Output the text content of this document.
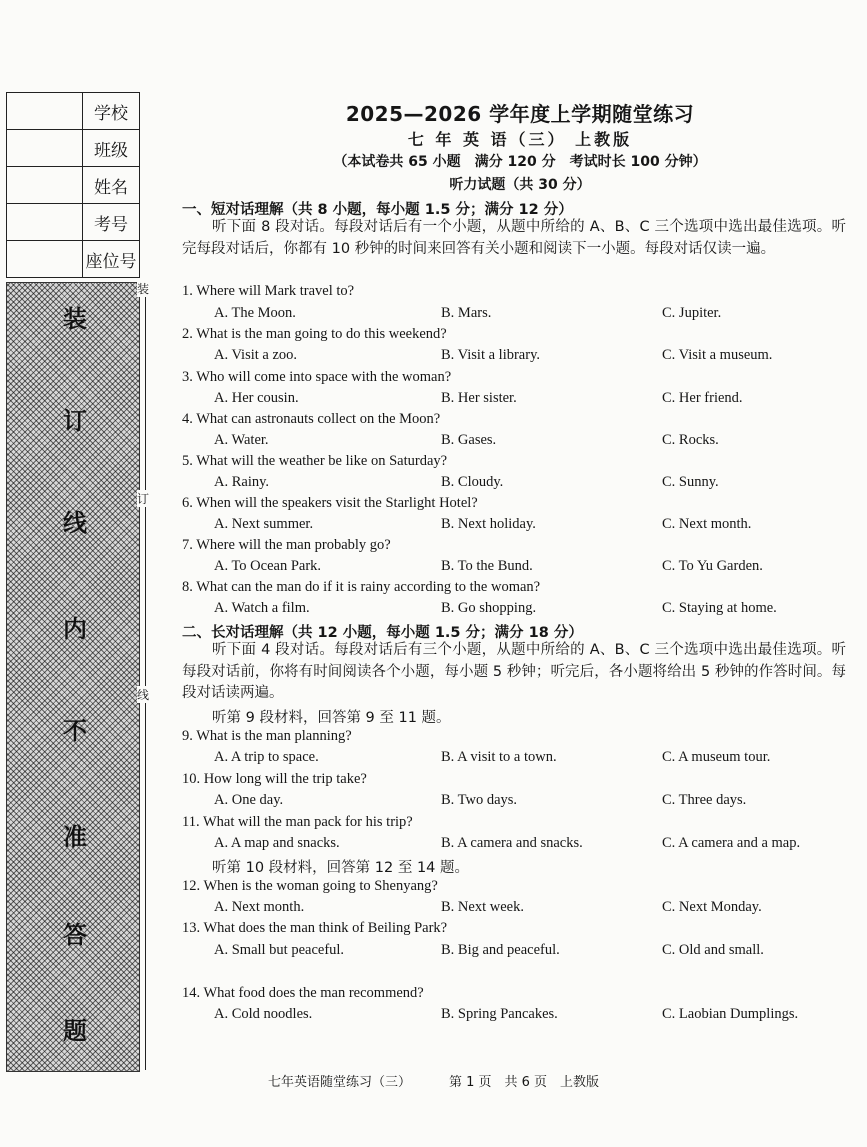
学校
班级
姓名
考号
座位号
装
订
线
内
不
准
答
题
装
订
线
2025—2026 学年度上学期随堂练习
七 年 英 语（三） 上教版
（本试卷共 65 小题　满分 120 分　考试时长 100 分钟）
听力试题（共 30 分）
一、短对话理解（共 8 小题，每小题 1.5 分；满分 12 分）
听下面 8 段对话。每段对话后有一个小题，从题中所给的 A、B、C 三个选项中选出最佳选项。听完每段对话后，你都有 10 秒钟的时间来回答有关小题和阅读下一小题。每段对话仅读一遍。
1. Where will Mark travel to?
A. The Moon.	B. Mars.	C. Jupiter.
2. What is the man going to do this weekend?
A. Visit a zoo.	B. Visit a library.	C. Visit a museum.
3. Who will come into space with the woman?
A. Her cousin.	B. Her sister.	C. Her friend.
4. What can astronauts collect on the Moon?
A. Water.	B. Gases.	C. Rocks.
5. What will the weather be like on Saturday?
A. Rainy.	B. Cloudy.	C. Sunny.
6. When will the speakers visit the Starlight Hotel?
A. Next summer.	B. Next holiday.	C. Next month.
7. Where will the man probably go?
A. To Ocean Park.	B. To the Bund.	C. To Yu Garden.
8. What can the man do if it is rainy according to the woman?
A. Watch a film.	B. Go shopping.	C. Staying at home.
二、长对话理解（共 12 小题，每小题 1.5 分；满分 18 分）
听下面 4 段对话。每段对话后有三个小题，从题中所给的 A、B、C 三个选项中选出最佳选项。听每段对话前，你将有时间阅读各个小题，每小题 5 秒钟；听完后，各小题将给出 5 秒钟的作答时间。每段对话读两遍。
听第 9 段材料，回答第 9 至 11 题。
9. What is the man planning?
A. A trip to space.	B. A visit to a town.	C. A museum tour.
10. How long will the trip take?
A. One day.	B. Two days.	C. Three days.
11. What will the man pack for his trip?
A. A map and snacks.	B. A camera and snacks.	C. A camera and a map.
听第 10 段材料，回答第 12 至 14 题。
12. When is the woman going to Shenyang?
A. Next month.	B. Next week.	C. Next Monday.
13. What does the man think of Beiling Park?
A. Small but peaceful.	B. Big and peaceful.	C. Old and small.
14. What food does the man recommend?
A. Cold noodles.	B. Spring Pancakes.	C. Laobian Dumplings.
七年英语随堂练习（三）	第 1 页　共 6 页　上教版
